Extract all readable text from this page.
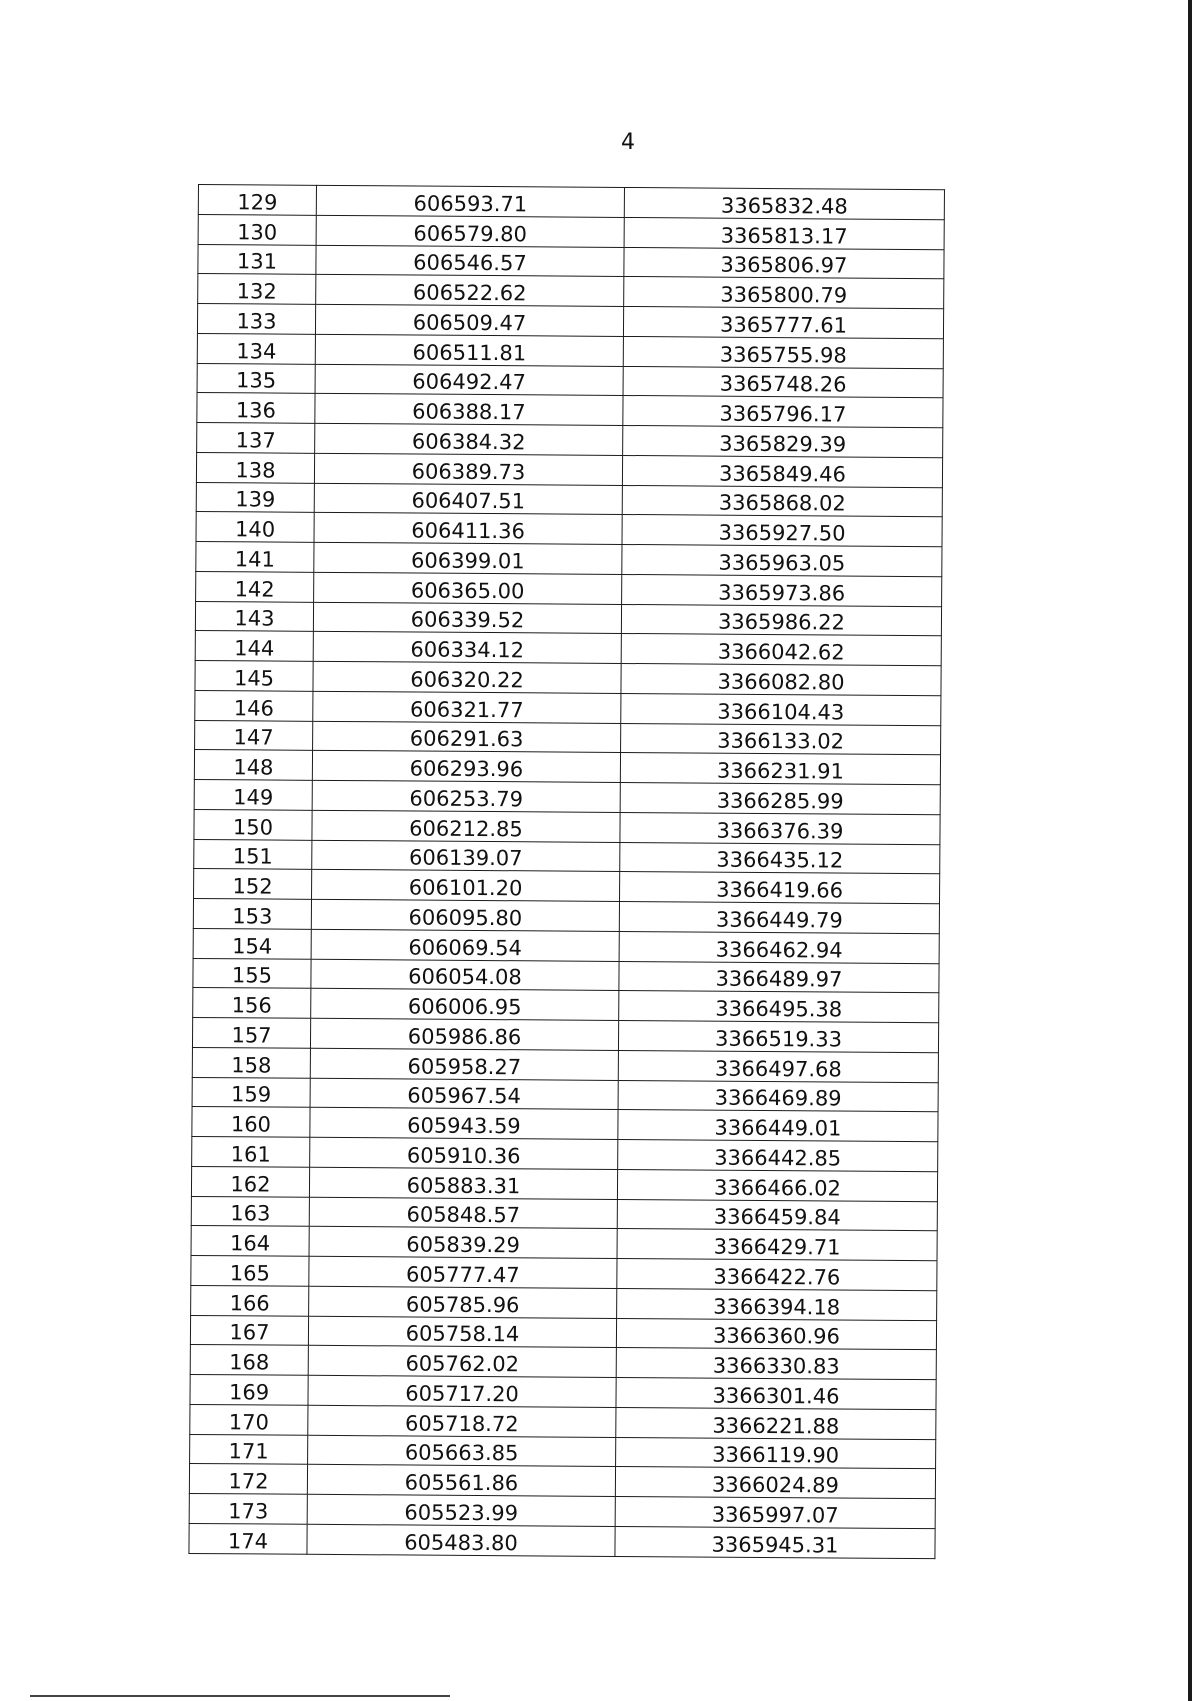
4
129	606593.71	3365832.48
130	606579.80	3365813.17
131	606546.57	3365806.97
132	606522.62	3365800.79
133	606509.47	3365777.61
134	606511.81	3365755.98
135	606492.47	3365748.26
136	606388.17	3365796.17
137	606384.32	3365829.39
138	606389.73	3365849.46
139	606407.51	3365868.02
140	606411.36	3365927.50
141	606399.01	3365963.05
142	606365.00	3365973.86
143	606339.52	3365986.22
144	606334.12	3366042.62
145	606320.22	3366082.80
146	606321.77	3366104.43
147	606291.63	3366133.02
148	606293.96	3366231.91
149	606253.79	3366285.99
150	606212.85	3366376.39
151	606139.07	3366435.12
152	606101.20	3366419.66
153	606095.80	3366449.79
154	606069.54	3366462.94
155	606054.08	3366489.97
156	606006.95	3366495.38
157	605986.86	3366519.33
158	605958.27	3366497.68
159	605967.54	3366469.89
160	605943.59	3366449.01
161	605910.36	3366442.85
162	605883.31	3366466.02
163	605848.57	3366459.84
164	605839.29	3366429.71
165	605777.47	3366422.76
166	605785.96	3366394.18
167	605758.14	3366360.96
168	605762.02	3366330.83
169	605717.20	3366301.46
170	605718.72	3366221.88
171	605663.85	3366119.90
172	605561.86	3366024.89
173	605523.99	3365997.07
174	605483.80	3365945.31
